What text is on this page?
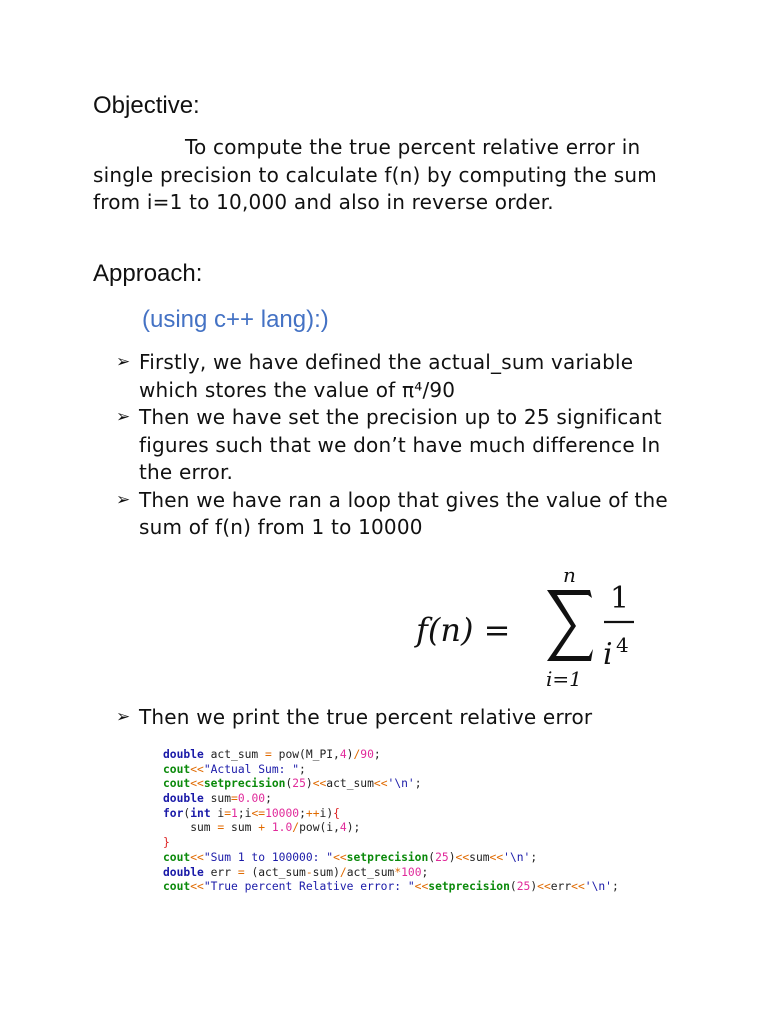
Objective:
To compute the true percent relative error in single precision to calculate f(n) by computing the sum from i=1 to 10,000 and also in reverse order.
Approach:
(using c++ lang):)
➢ Firstly, we have defined the actual_sum variable which stores the value of π⁴/90
➢ Then we have set the precision up to 25 significant figures such that we don’t have much difference In the error.
➢ Then we have ran a loop that gives the value of the sum of f(n) from 1 to 10000
f(n) =
n
i=1
1
i 4
➢ Then we print the true percent relative error
double act_sum = pow(M_PI,4)/90;
cout<<"Actual Sum: ";
cout<<setprecision(25)<<act_sum<<'\n';
double sum=0.00;
for(int i=1;i<=10000;++i){
sum = sum + 1.0/pow(i,4);
}
cout<<"Sum 1 to 100000: "<<setprecision(25)<<sum<<'\n';
double err = (act_sum-sum)/act_sum*100;
cout<<"True percent Relative error: "<<setprecision(25)<<err<<'\n';
